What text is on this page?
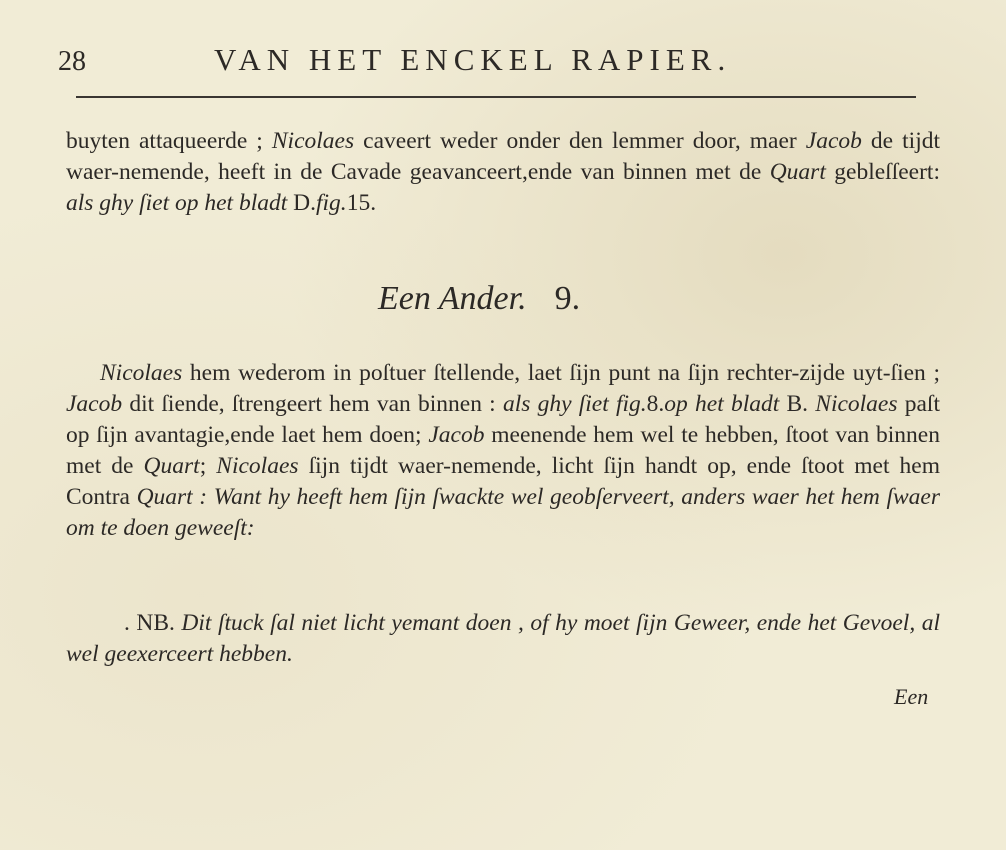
28	VAN HET ENCKEL RAPIER.

buyten attaqueerde ; Nicolaes caveert weder onder den lemmer door, maer Jacob de tijdt waer-nemende, heeft in de Cavade geavanceert,ende van binnen met de Quart gebleſſeert: als ghy ſiet op het bladt D.fig.15.

Een Ander. 9.

Nicolaes hem wederom in poſtuer ſtellende, laet ſijn punt na ſijn rechter-zijde uyt-ſien ; Jacob dit ſiende, ſtrengeert hem van binnen : als ghy ſiet fig.8.op het bladt B. Nicolaes paſt op ſijn avantagie,ende laet hem doen; Jacob meenende hem wel te hebben, ſtoot van binnen met de Quart; Nicolaes ſijn tijdt waer-nemende, licht ſijn handt op, ende ſtoot met hem Contra Quart : Want hy heeft hem ſijn ſwackte wel geobſerveert, anders waer het hem ſwaer om te doen geweeſt:

. NB. Dit ſtuck ſal niet licht yemant doen , of hy moet ſijn Geweer, ende het Gevoel, al wel geexerceert hebben.

Een
